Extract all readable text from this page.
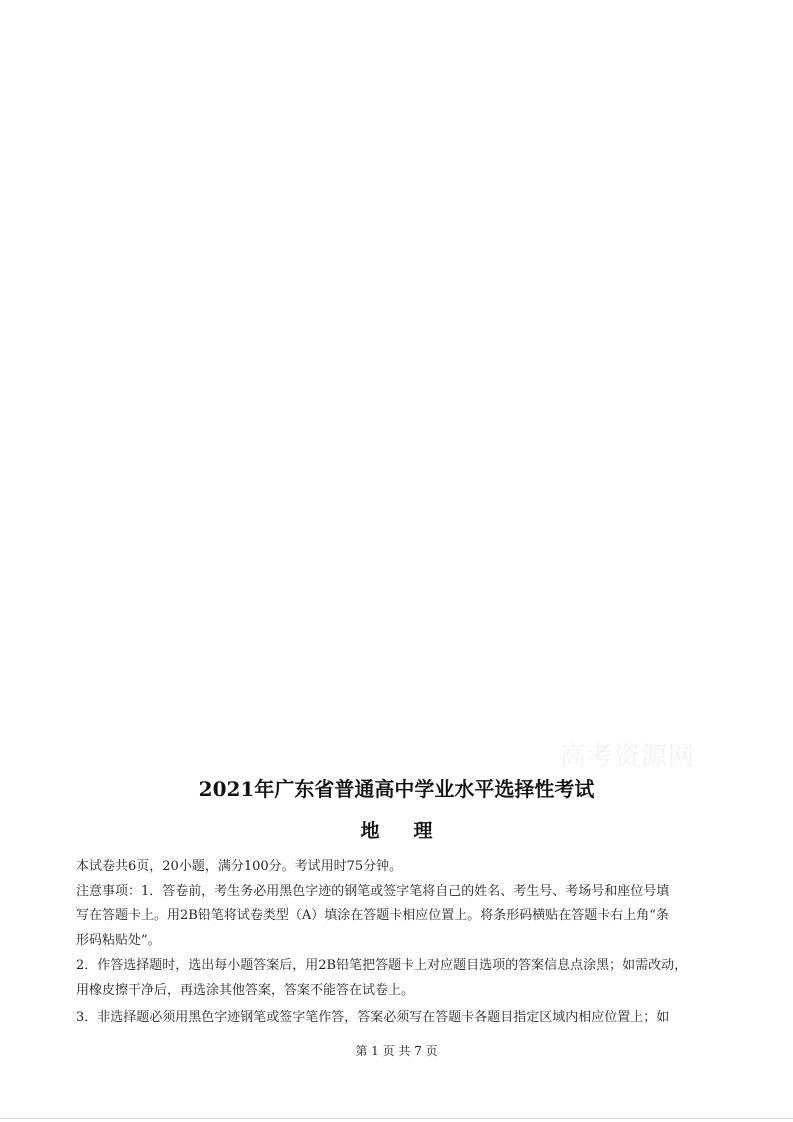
高考资源网
2021年广东省普通高中学业水平选择性考试
地 理
本试卷共6页，20小题，满分100分。考试用时75分钟。
注意事项：1．答卷前，考生务必用黑色字迹的钢笔或签字笔将自己的姓名、考生号、考场号和座位号填
写在答题卡上。用2B铅笔将试卷类型（A）填涂在答题卡相应位置上。将条形码横贴在答题卡右上角“条
形码粘贴处”。
2．作答选择题时，选出每小题答案后，用2B铅笔把答题卡上对应题目选项的答案信息点涂黑；如需改动，
用橡皮擦干净后，再选涂其他答案，答案不能答在试卷上。
3．非选择题必须用黑色字迹钢笔或签字笔作答，答案必须写在答题卡各题目指定区域内相应位置上；如
第 1 页 共 7 页
